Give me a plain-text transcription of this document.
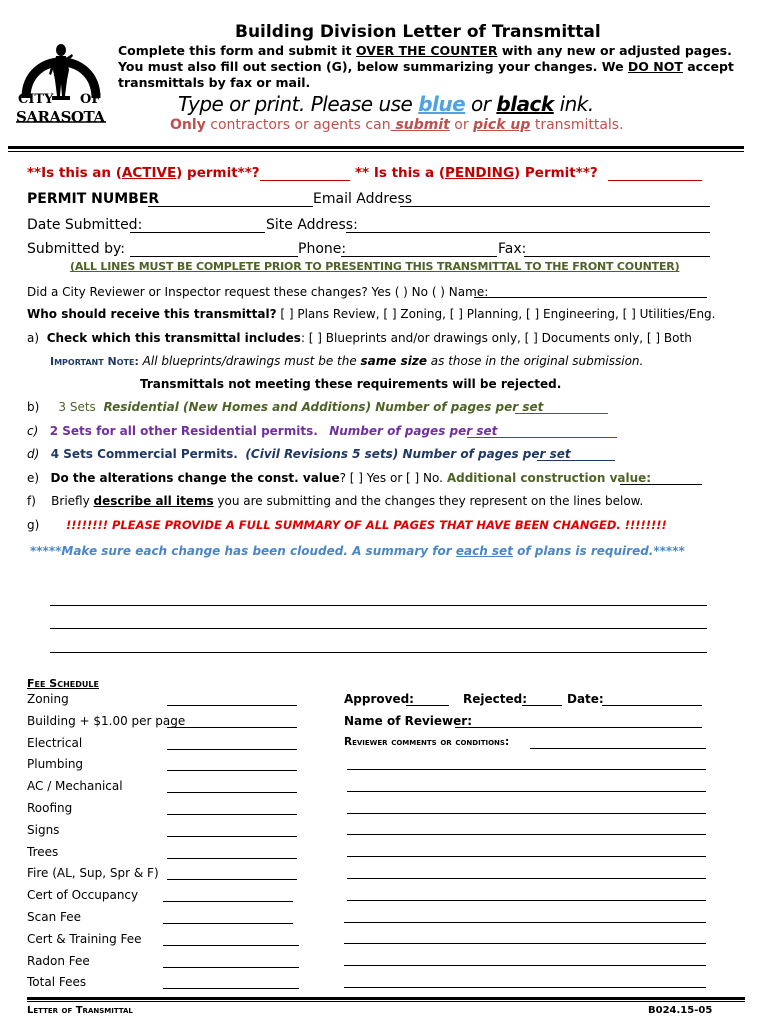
CITY OF
SARASOTA
Building Division Letter of Transmittal
Complete this form and submit it OVER THE COUNTER with any new or adjusted pages. You must also fill out section (G), below summarizing your changes. We DO NOT accept transmittals by fax or mail.
Type or print. Please use blue or black ink.
Only contractors or agents can submit or pick up transmittals.
**Is this an (ACTIVE) permit**?	** Is this a (PENDING) Permit**?
PERMIT NUMBER	Email Address
Date Submitted:	Site Address:
Submitted by:	Phone:	Fax:
(ALL LINES MUST BE COMPLETE PRIOR TO PRESENTING THIS TRANSMITTAL TO THE FRONT COUNTER)
Did a City Reviewer or Inspector request these changes? Yes ( ) No ( ) Name:
Who should receive this transmittal? [ ] Plans Review, [ ] Zoning, [ ] Planning, [ ] Engineering, [ ] Utilities/Eng.
a) Check which this transmittal includes: [ ] Blueprints and/or drawings only, [ ] Documents only, [ ] Both
Important Note: All blueprints/drawings must be the same size as those in the original submission.
Transmittals not meeting these requirements will be rejected.
b) 3 Sets Residential (New Homes and Additions) Number of pages per set
c) 2 Sets for all other Residential permits. Number of pages per set
d) 4 Sets Commercial Permits. (Civil Revisions 5 sets) Number of pages per set
e) Do the alterations change the const. value? [ ] Yes or [ ] No. Additional construction value:
f) Briefly describe all items you are submitting and the changes they represent on the lines below.
g) !!!!!!!! PLEASE PROVIDE A FULL SUMMARY OF ALL PAGES THAT HAVE BEEN CHANGED. !!!!!!!!
*****Make sure each change has been clouded. A summary for each set of plans is required.*****
Fee Schedule
Zoning
Building + $1.00 per page
Electrical
Plumbing
AC / Mechanical
Roofing
Signs
Trees
Fire (AL, Sup, Spr & F)
Cert of Occupancy
Scan Fee
Cert & Training Fee
Radon Fee
Total Fees
Approved:	Rejected:	Date:
Name of Reviewer:
Reviewer comments or conditions:
Letter of Transmittal	B024.15-05
